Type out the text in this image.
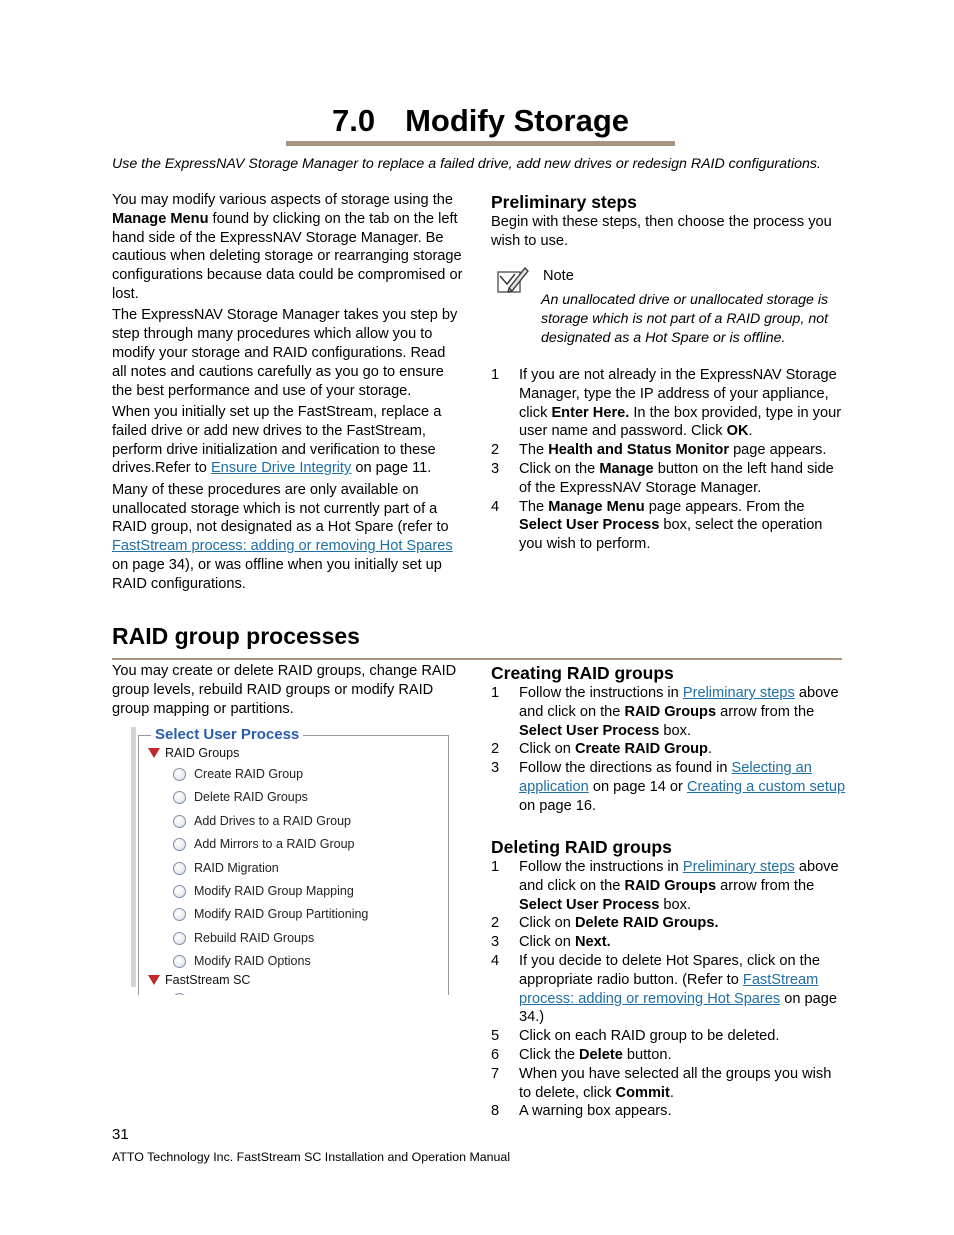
7.0 Modify Storage
Use the ExpressNAV Storage Manager to replace a failed drive, add new drives or redesign RAID configurations.

You may modify various aspects of storage using the Manage Menu found by clicking on the tab on the left hand side of the ExpressNAV Storage Manager. Be cautious when deleting storage or rearranging storage configurations because data could be compromised or lost.

The ExpressNAV Storage Manager takes you step by step through many procedures which allow you to modify your storage and RAID configurations. Read all notes and cautions carefully as you go to ensure the best performance and use of your storage.

When you initially set up the FastStream, replace a failed drive or add new drives to the FastStream, perform drive initialization and verification to these drives.Refer to Ensure Drive Integrity on page 11.

Many of these procedures are only available on unallocated storage which is not currently part of a RAID group, not designated as a Hot Spare (refer to FastStream process: adding or removing Hot Spares on page 34), or was offline when you initially set up RAID configurations.

Preliminary steps

Begin with these steps, then choose the process you wish to use.

Note
An unallocated drive or unallocated storage is storage which is not part of a RAID group, not designated as a Hot Spare or is offline.
1	If you are not already in the ExpressNAV Storage Manager, type the IP address of your appliance, click Enter Here. In the box provided, type in your user name and password. Click OK.
2	The Health and Status Monitor page appears.
3	Click on the Manage button on the left hand side of the ExpressNAV Storage Manager.
4	The Manage Menu page appears. From the Select User Process box, select the operation you wish to perform.
RAID group processes

You may create or delete RAID groups, change RAID group levels, rebuild RAID groups or modify RAID group mapping or partitions.

Select User Process
RAID Groups
Create RAID Group
Delete RAID Groups
Add Drives to a RAID Group
Add Mirrors to a RAID Group
RAID Migration
Modify RAID Group Mapping
Modify RAID Group Partitioning
Rebuild RAID Groups
Modify RAID Options
FastStream SC
Creating RAID groups
1	Follow the instructions in Preliminary steps above and click on the RAID Groups arrow from the Select User Process box.
2	Click on Create RAID Group.
3	Follow the directions as found in Selecting an application on page 14 or Creating a custom setup on page 16.
Deleting RAID groups
1	Follow the instructions in Preliminary steps above and click on the RAID Groups arrow from the Select User Process box.
2	Click on Delete RAID Groups.
3	Click on Next.
4	If you decide to delete Hot Spares, click on the appropriate radio button. (Refer to FastStream process: adding or removing Hot Spares on page 34.)
5	Click on each RAID group to be deleted.
6	Click the Delete button.
7	When you have selected all the groups you wish to delete, click Commit.
8	A warning box appears.
31
ATTO Technology Inc. FastStream SC Installation and Operation Manual
